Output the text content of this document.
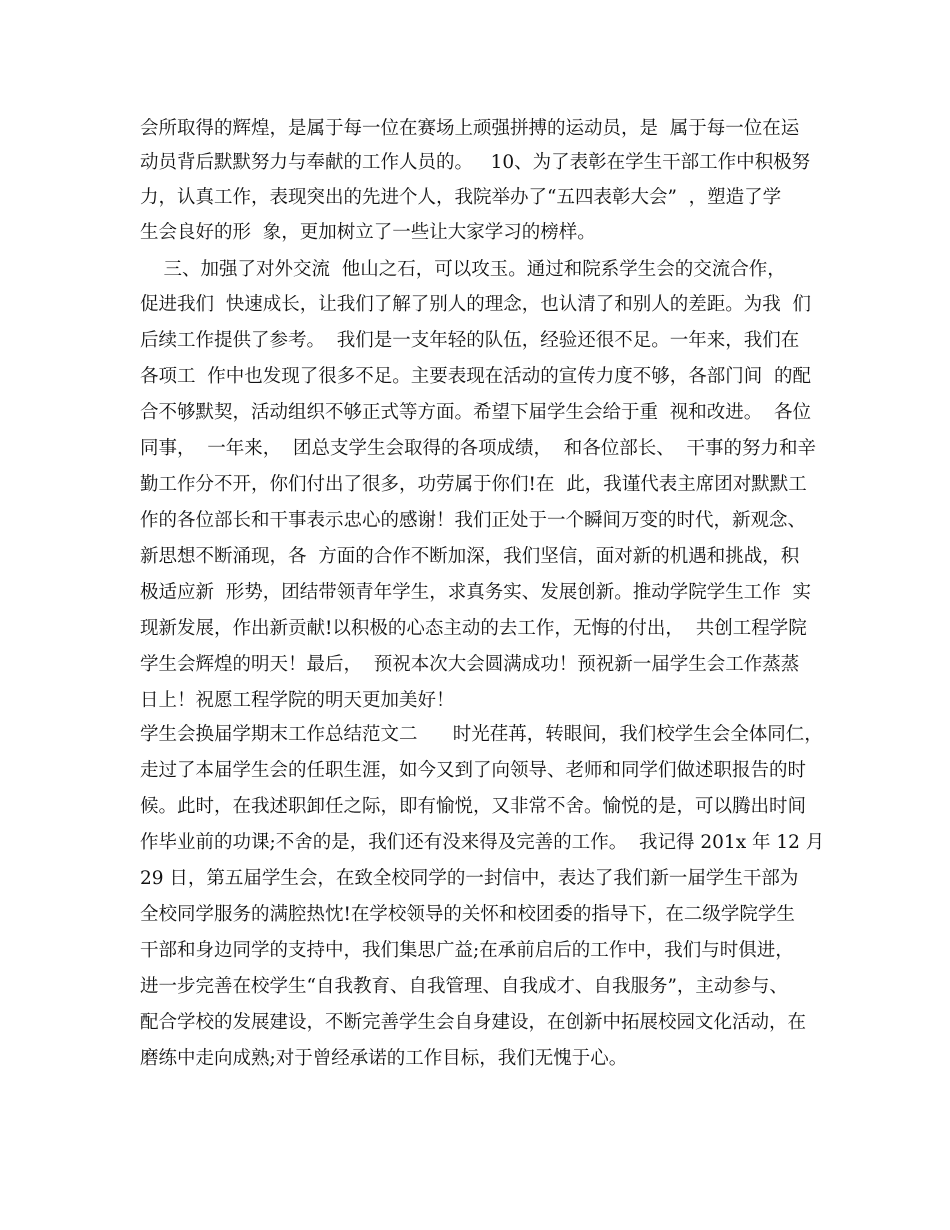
会所取得的辉煌，是属于每一位在赛场上顽强拼搏的运动员，是  属于每一位在运
动员背后默默努力与奉献的工作人员的。   10、为了表彰在学生干部工作中积极努
力，认真工作，表现突出的先进个人，我院举办了“五四表彰大会”  ，塑造了学
生会良好的形  象，更加树立了一些让大家学习的榜样。
三、加强了对外交流  他山之石，可以攻玉。通过和院系学生会的交流合作，
促进我们  快速成长，让我们了解了别人的理念，也认清了和别人的差距。为我  们
后续工作提供了参考。  我们是一支年轻的队伍，经验还很不足。一年来，我们在
各项工  作中也发现了很多不足。主要表现在活动的宣传力度不够，各部门间  的配
合不够默契，活动组织不够正式等方面。希望下届学生会给于重  视和改进。  各位
同事，  一年来，  团总支学生会取得的各项成绩，  和各位部长、  干事的努力和辛
勤工作分不开，你们付出了很多，功劳属于你们!在  此，我谨代表主席团对默默工
作的各位部长和干事表示忠心的感谢！我们正处于一个瞬间万变的时代，新观念、
新思想不断涌现，各  方面的合作不断加深，我们坚信，面对新的机遇和挑战，积
极适应新  形势，团结带领青年学生，求真务实、发展创新。推动学院学生工作  实
现新发展，作出新贡献!以积极的心态主动的去工作，无悔的付出，  共创工程学院
学生会辉煌的明天！最后，  预祝本次大会圆满成功！预祝新一届学生会工作蒸蒸
日上！祝愿工程学院的明天更加美好！
学生会换届学期末工作总结范文二      时光荏苒，转眼间，我们校学生会全体同仁，
走过了本届学生会的任职生涯，如今又到了向领导、老师和同学们做述职报告的时
候。此时，在我述职卸任之际，即有愉悦，又非常不舍。愉悦的是，可以腾出时间
作毕业前的功课;不舍的是，我们还有没来得及完善的工作。  我记得 201x 年 12 月
29 日，第五届学生会，在致全校同学的一封信中，表达了我们新一届学生干部为
全校同学服务的满腔热忱!在学校领导的关怀和校团委的指导下，在二级学院学生
干部和身边同学的支持中，我们集思广益;在承前启后的工作中，我们与时俱进，
进一步完善在校学生“自我教育、自我管理、自我成才、自我服务”，主动参与、
配合学校的发展建设，不断完善学生会自身建设，在创新中拓展校园文化活动，在
磨练中走向成熟;对于曾经承诺的工作目标，我们无愧于心。
